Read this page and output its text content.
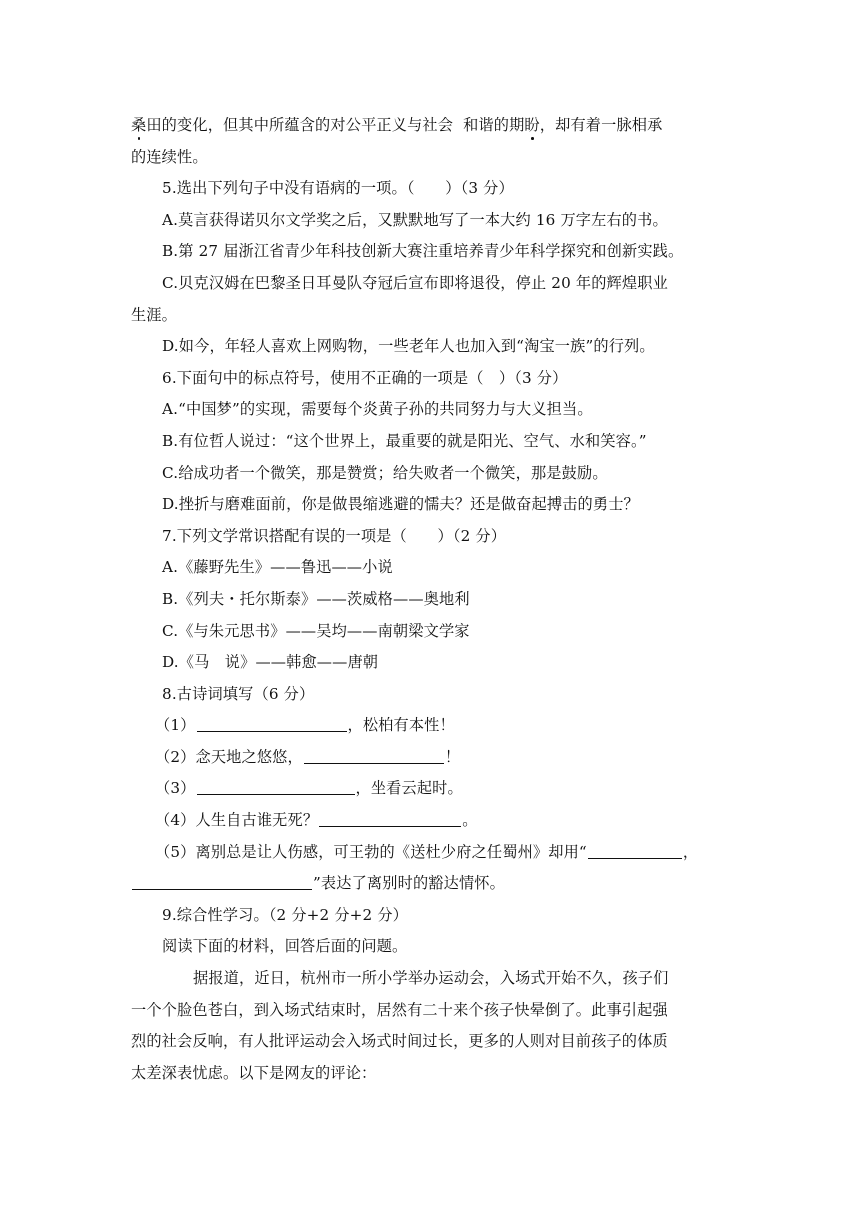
桑田的变化，但其中所蕴含的对公平正义与社会 和谐的期盼，却有着一脉相承
的连续性。
5.选出下列句子中没有语病的一项。（　　）（3 分）
A.莫言获得诺贝尔文学奖之后，又默默地写了一本大约 16 万字左右的书。
B.第 27 届浙江省青少年科技创新大赛注重培养青少年科学探究和创新实践。
C.贝克汉姆在巴黎圣日耳曼队夺冠后宣布即将退役，停止 20 年的辉煌职业
生涯。
D.如今，年轻人喜欢上网购物，一些老年人也加入到“淘宝一族”的行列。
6.下面句中的标点符号，使用不正确的一项是（　）（3 分）
A.“中国梦”的实现，需要每个炎黄子孙的共同努力与大义担当。
B.有位哲人说过：“这个世界上，最重要的就是阳光、空气、水和笑容。”
C.给成功者一个微笑，那是赞赏；给失败者一个微笑，那是鼓励。
D.挫折与磨难面前，你是做畏缩逃避的懦夫？还是做奋起搏击的勇士？
7.下列文学常识搭配有误的一项是（　　）（2 分）
A.《藤野先生》——鲁迅——小说
B.《列夫・托尔斯泰》——茨威格——奥地利
C.《与朱元思书》——吴均——南朝梁文学家
D.《马　说》——韩愈——唐朝
8.古诗词填写（6 分）
（1）	，松柏有本性！
（2）念天地之悠悠，	！
（3）	，坐看云起时。
（4）人生自古谁无死？	。
（5）离别总是让人伤感，可王勃的《送杜少府之任蜀州》却用“	，
”表达了离别时的豁达情怀。
9.综合性学习。（2 分+2 分+2 分）
阅读下面的材料，回答后面的问题。
据报道，近日，杭州市一所小学举办运动会，入场式开始不久，孩子们
一个个脸色苍白，到入场式结束时，居然有二十来个孩子快晕倒了。此事引起强
烈的社会反响，有人批评运动会入场式时间过长，更多的人则对目前孩子的体质
太差深表忧虑。以下是网友的评论：
